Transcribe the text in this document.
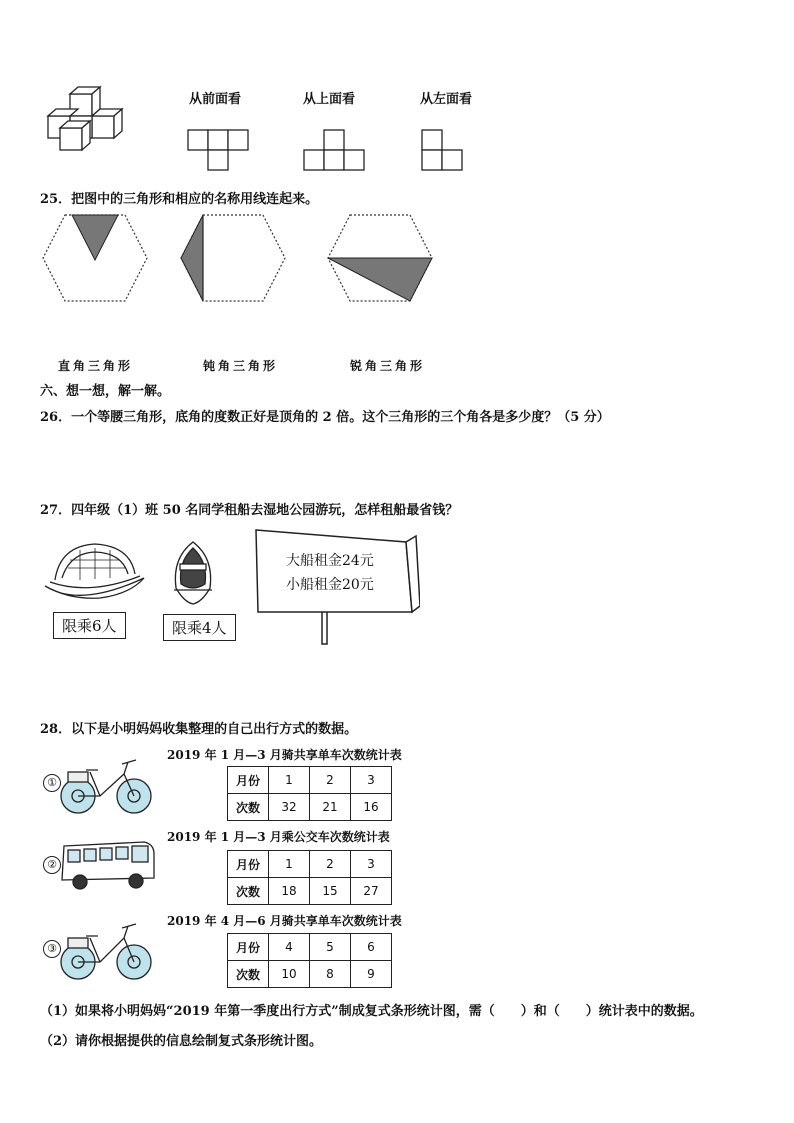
从前面看	从上面看	从左面看
25．把图中的三角形和相应的名称用线连起来。
直角三角形	钝角三角形	锐角三角形
六、想一想，解一解。
26．一个等腰三角形，底角的度数正好是顶角的 2 倍。这个三角形的三个角各是多少度？（5 分）
27．四年级（1）班 50 名同学租船去湿地公园游玩，怎样租船最省钱？
限乘6人	限乘4人
大船租金24元
小船租金20元
28．以下是小明妈妈收集整理的自己出行方式的数据。
2019 年 1 月—3 月骑共享单车次数统计表
①	月份	1	2	3
次数	32	21	16
2019 年 1 月—3 月乘公交车次数统计表
②	月份	1	2	3
次数	18	15	27
2019 年 4 月—6 月骑共享单车次数统计表
③	月份	4	5	6
次数	10	8	9
（1）如果将小明妈妈“2019 年第一季度出行方式”制成复式条形统计图，需（　　）和（　　）统计表中的数据。
（2）请你根据提供的信息绘制复式条形统计图。
